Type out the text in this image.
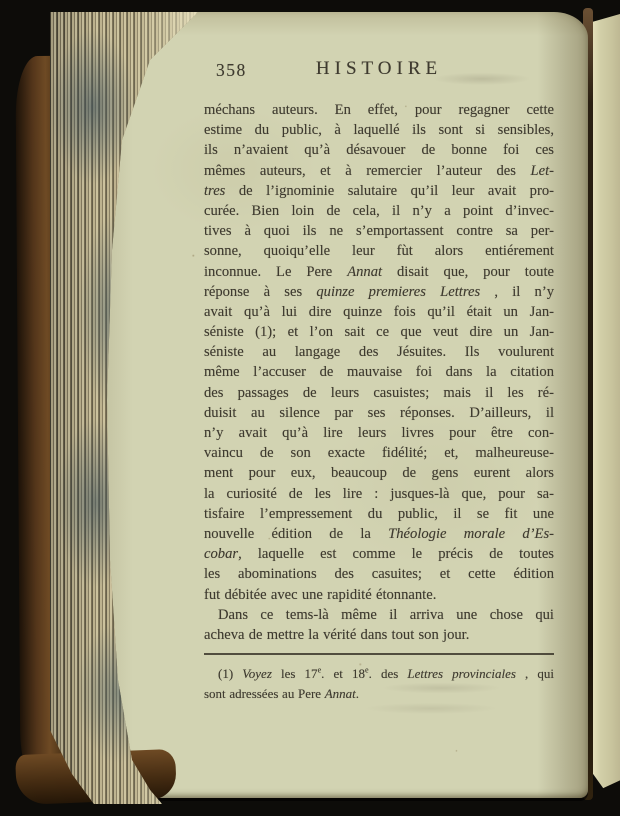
358	HISTOIRE
méchans auteurs. En effet, pour regagner cette
estime du public, à laquellé ils sont si sensibles,
ils n’avaient qu’à désavouer de bonne foi ces
mêmes auteurs, et à remercier l’auteur des Let-
tres de l’ignominie salutaire qu’il leur avait pro-
curée. Bien loin de cela, il n’y a point d’invec-
tives à quoi ils ne s’emportassent contre sa per-
sonne, quoiqu’elle leur fùt alors entiérement
inconnue. Le Pere Annat disait que, pour toute
réponse à ses quinze premieres Lettres , il n’y
avait qu’à lui dire quinze fois qu’il était un Jan-
séniste (1); et l’on sait ce que veut dire un Jan-
séniste au langage des Jésuites. Ils voulurent
même l’accuser de mauvaise foi dans la citation
des passages de leurs casuistes; mais il les ré-
duisit au silence par ses réponses. D’ailleurs, il
n’y avait qu’à lire leurs livres pour être con-
vaincu de son exacte fidélité; et, malheureuse-
ment pour eux, beaucoup de gens eurent alors
la curiosité de les lire : jusques-là que, pour sa-
tisfaire l’empressement du public, il se fit une
nouvelle édition de la Théologie morale d’Es-
cobar, laquelle est comme le précis de toutes
les abominations des casuites; et cette édition
fut débitée avec une rapidité étonnante.
Dans ce tems-là même il arriva une chose qui
acheva de mettre la vérité dans tout son jour.
(1) Voyez les 17e. et 18e. des Lettres provinciales , qui
sont adressées au Pere Annat.
